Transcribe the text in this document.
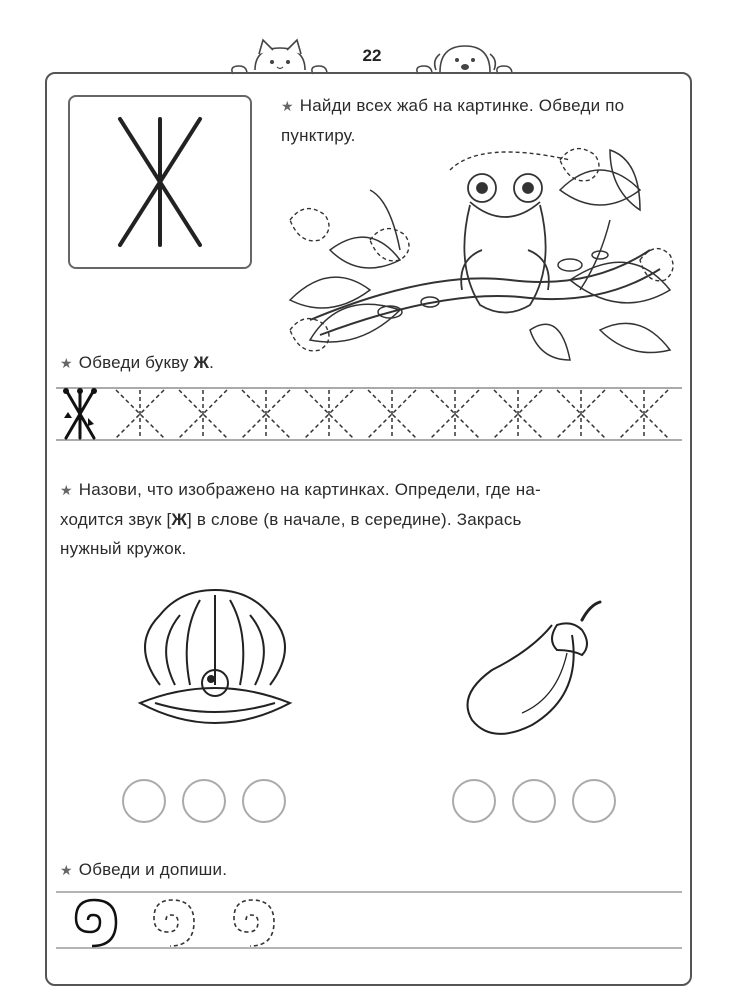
22
★ Найди всех жаб на картинке. Обведи по пунктиру.
★ Обведи букву Ж.
★ Назови, что изображено на картинках. Определи, где на-
ходится звук [Ж] в слове (в начале, в середине). Закрась
нужный кружок.
★ Обведи и допиши.
